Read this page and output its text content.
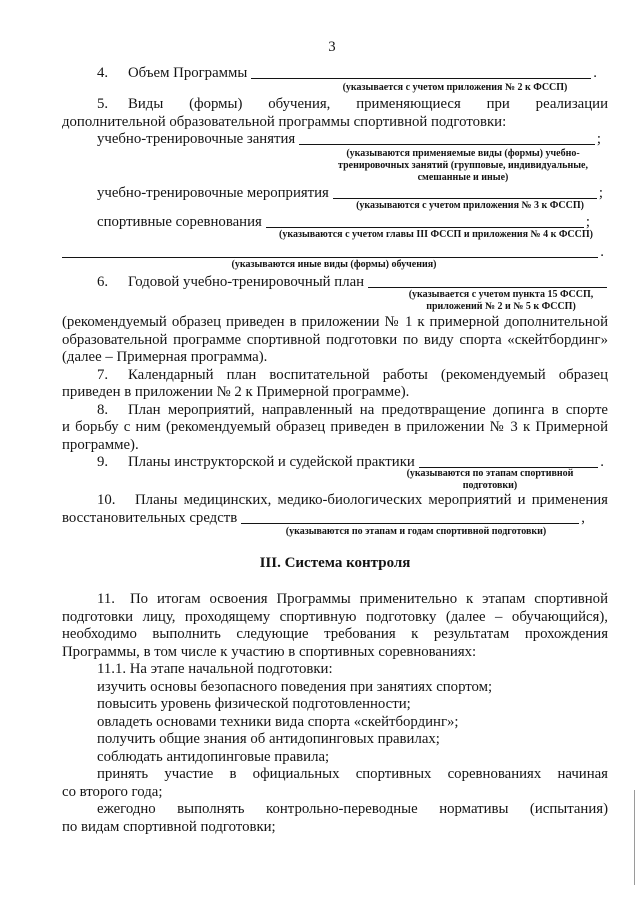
3
4.	Объем Программы	.
(указывается с учетом приложения № 2 к ФССП)
5. Виды (формы) обучения, применяющиеся при реализации
дополнительной образовательной программы спортивной подготовки:
учебно-тренировочные занятия	;
(указываются применяемые виды (формы) учебно-
тренировочных занятий (групповые, индивидуальные,
смешанные и иные)
учебно-тренировочные мероприятия	;
(указываются с учетом приложения № 3 к ФССП)
спортивные соревнования	;
(указываются с учетом главы III ФССП и приложения № 4 к ФССП)
.
(указываются иные виды (формы) обучения)
6. Годовой учебно-тренировочный план
(указывается с учетом пункта 15 ФССП,
приложений № 2 и № 5 к ФССП)
(рекомендуемый образец приведен в приложении № 1 к примерной дополнительной
образовательной программе спортивной подготовки по виду спорта «скейтбординг»
(далее – Примерная программа).
7. Календарный план воспитательной работы (рекомендуемый образец
приведен в приложении № 2 к Примерной программе).
8. План мероприятий, направленный на предотвращение допинга в спорте
и борьбу с ним (рекомендуемый образец приведен в приложении № 3 к Примерной
программе).
9. Планы инструкторской и судейской практики	.
(указываются по этапам спортивной
подготовки)
10. Планы медицинских, медико-биологических мероприятий и применения
восстановительных средств	,
(указываются по этапам и годам спортивной подготовки)
III. Система контроля
11. По итогам освоения Программы применительно к этапам спортивной
подготовки лицу, проходящему спортивную подготовку (далее – обучающийся),
необходимо выполнить следующие требования к результатам прохождения
Программы, в том числе к участию в спортивных соревнованиях:
11.1. На этапе начальной подготовки:
изучить основы безопасного поведения при занятиях спортом;
повысить уровень физической подготовленности;
овладеть основами техники вида спорта «скейтбординг»;
получить общие знания об антидопинговых правилах;
соблюдать антидопинговые правила;
принять участие в официальных спортивных соревнованиях начиная
со второго года;
ежегодно выполнять контрольно-переводные нормативы (испытания)
по видам спортивной подготовки;
